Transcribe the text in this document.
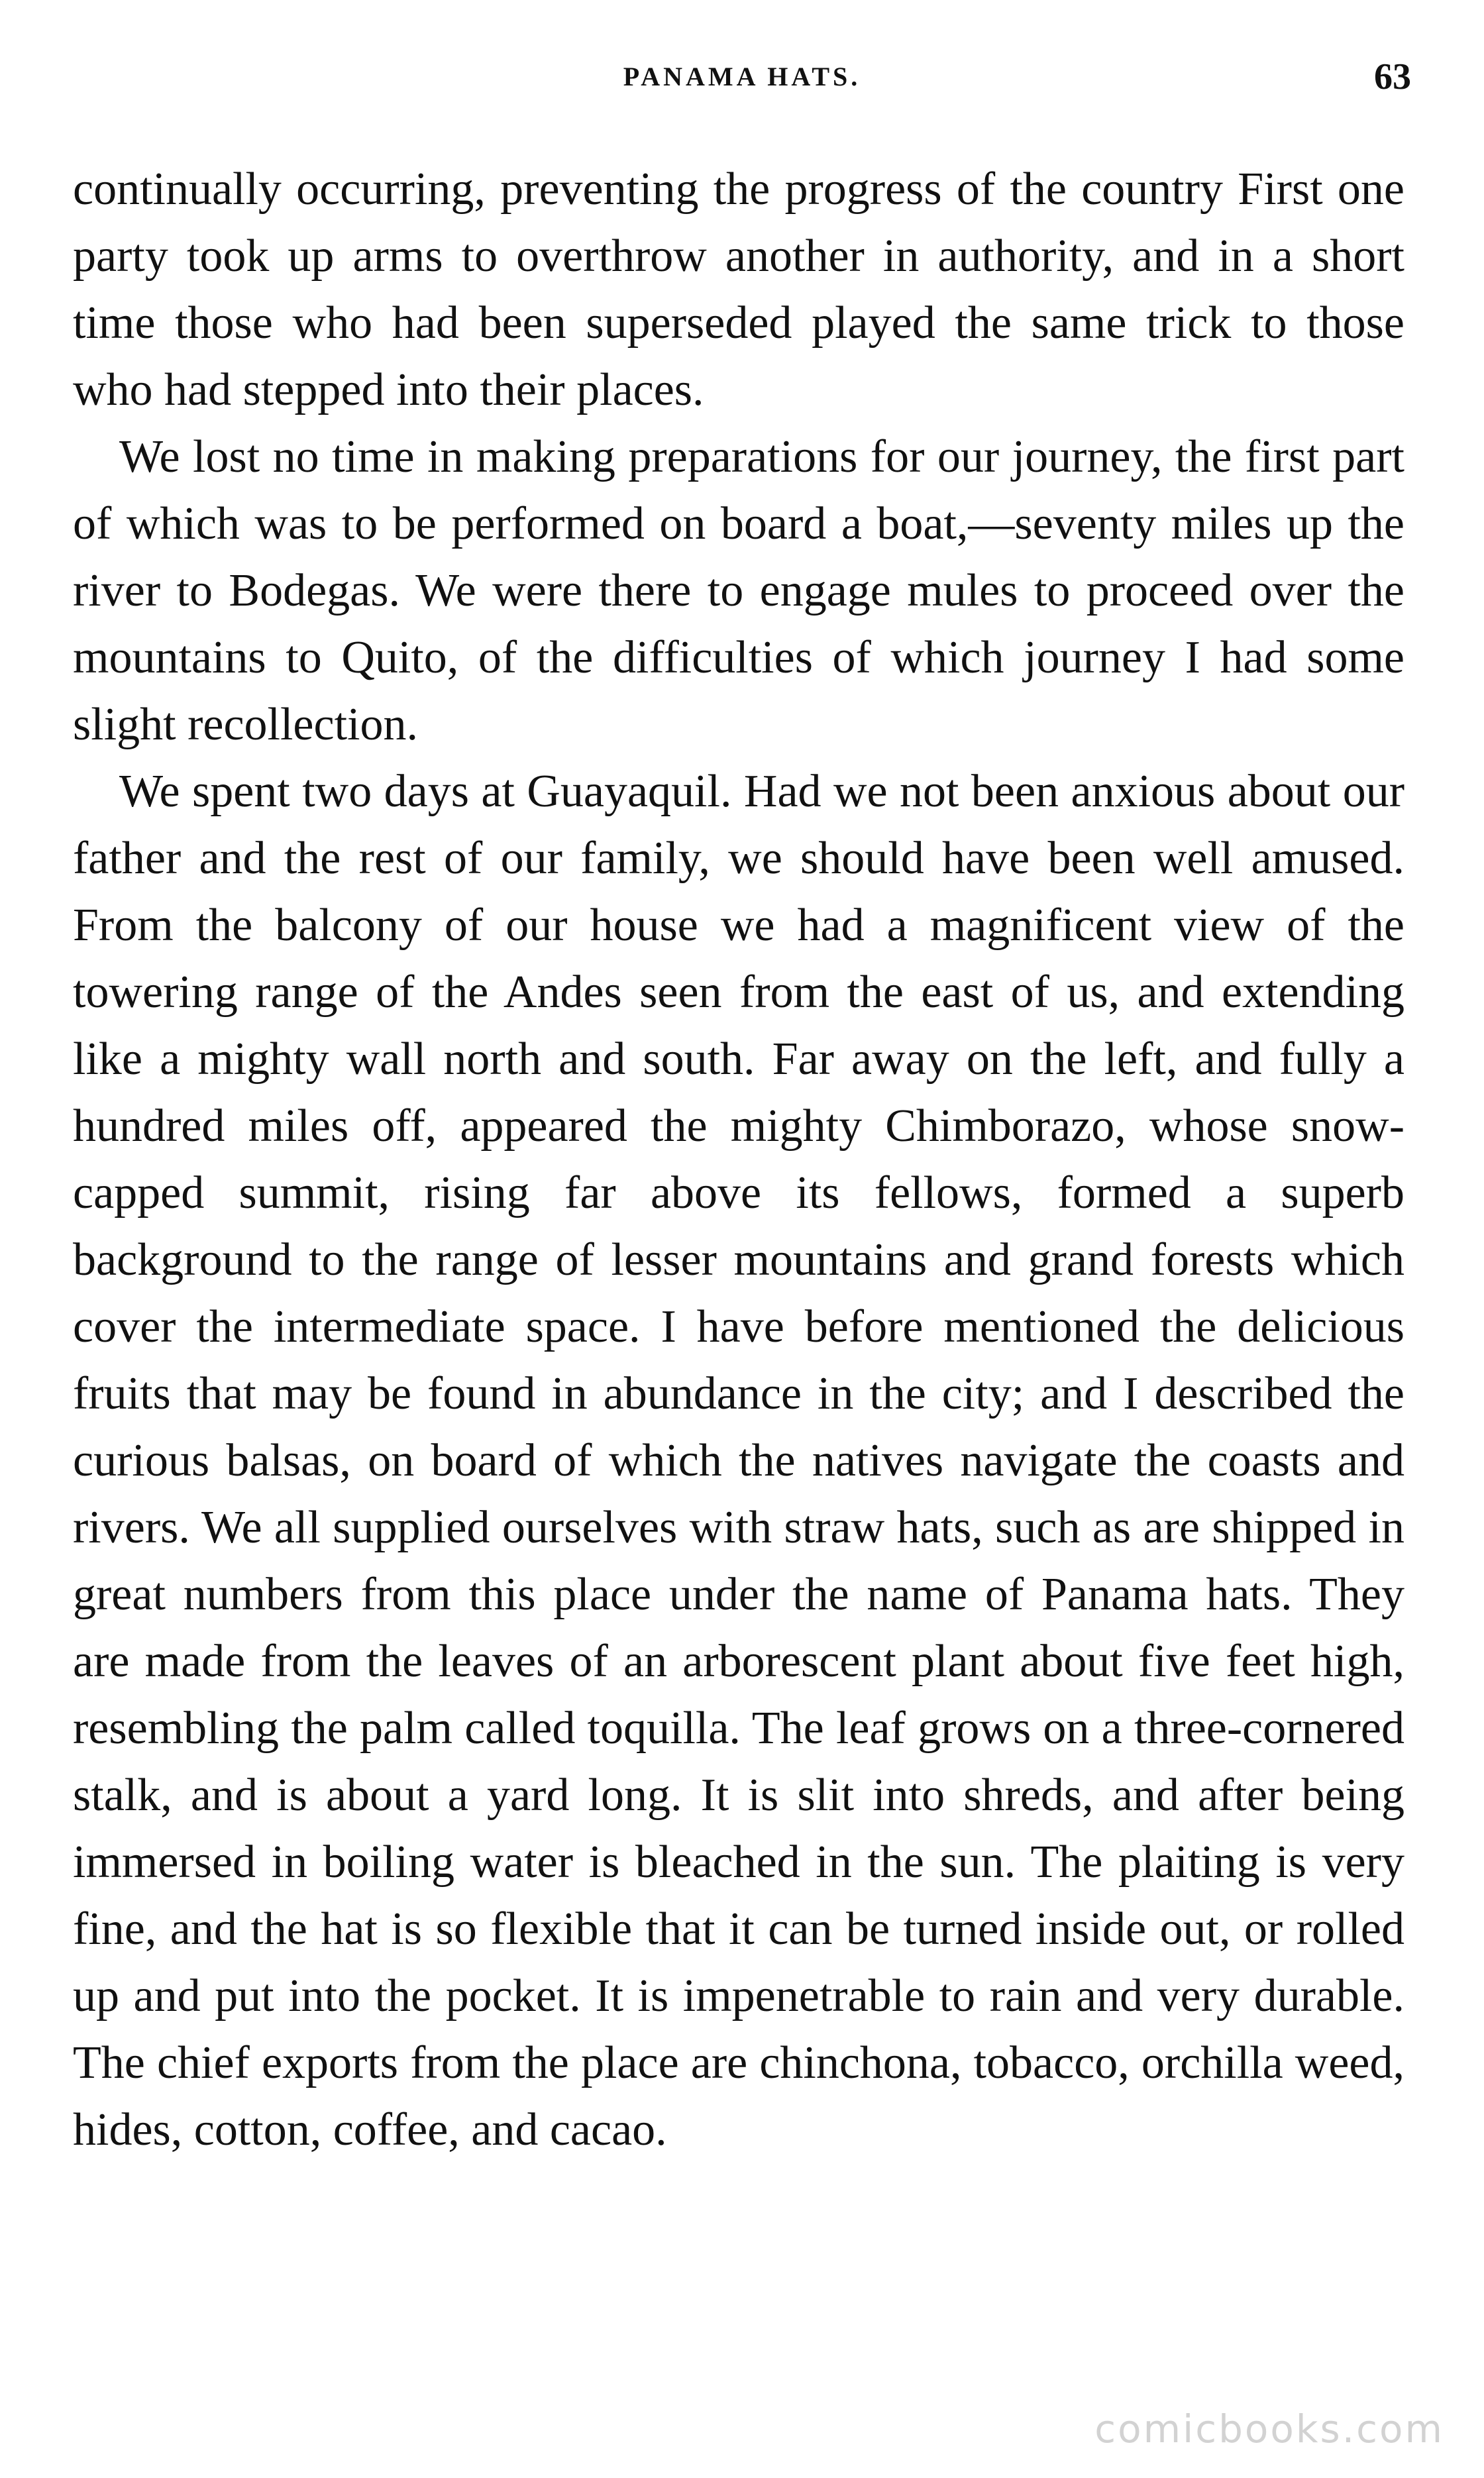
PANAMA HATS.	63

continually occurring, preventing the progress of the country First one party took up arms to overthrow another in authority, and in a short time those who had been superseded played the same trick to those who had stepped into their places.

We lost no time in making preparations for our journey, the first part of which was to be performed on board a boat,—seventy miles up the river to Bodegas. We were there to engage mules to proceed over the mountains to Quito, of the difficulties of which journey I had some slight recollection.

We spent two days at Guayaquil. Had we not been anxious about our father and the rest of our family, we should have been well amused. From the balcony of our house we had a magnificent view of the towering range of the Andes seen from the east of us, and extending like a mighty wall north and south. Far away on the left, and fully a hundred miles off, appeared the mighty Chimborazo, whose snow-capped summit, rising far above its fellows, formed a superb background to the range of lesser mountains and grand forests which cover the intermediate space. I have before mentioned the delicious fruits that may be found in abundance in the city; and I described the curious balsas, on board of which the natives navigate the coasts and rivers. We all supplied ourselves with straw hats, such as are shipped in great numbers from this place under the name of Panama hats. They are made from the leaves of an arborescent plant about five feet high, resembling the palm called toquilla. The leaf grows on a three-cornered stalk, and is about a yard long. It is slit into shreds, and after being immersed in boiling water is bleached in the sun. The plaiting is very fine, and the hat is so flexible that it can be turned inside out, or rolled up and put into the pocket. It is impenetrable to rain and very durable. The chief exports from the place are chinchona, tobacco, orchilla weed, hides, cotton, coffee, and cacao.

comicbooks.com
